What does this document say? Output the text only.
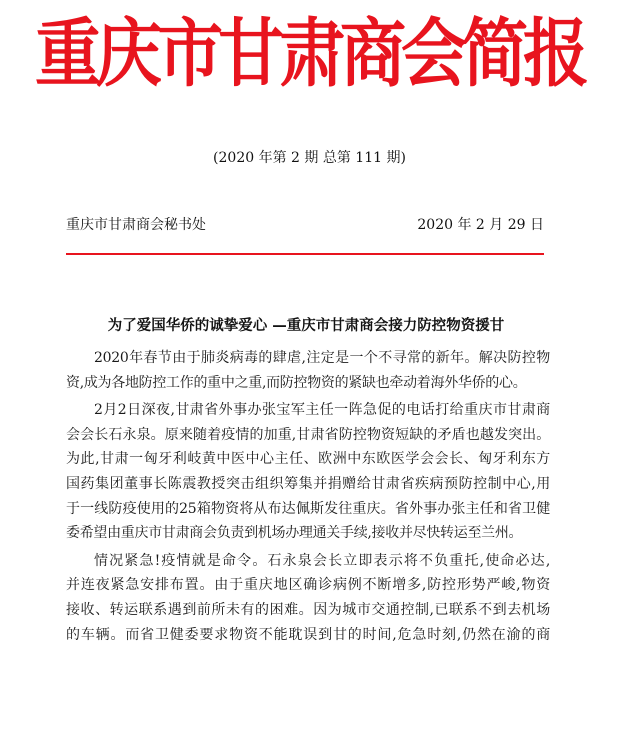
重庆市甘肃商会简报
(2020 年第 2 期 总第 111 期)
重庆市甘肃商会秘书处	2020 年 2 月 29 日
为了爱国华侨的诚挚爱心 —重庆市甘肃商会接力防控物资援甘
2020年春节由于肺炎病毒的肆虐,注定是一个不寻常的新年。解决防控物
资,成为各地防控工作的重中之重,而防控物资的紧缺也牵动着海外华侨的心。
2月2日深夜,甘肃省外事办张宝军主任一阵急促的电话打给重庆市甘肃商
会会长石永泉。原来随着疫情的加重,甘肃省防控物资短缺的矛盾也越发突出。
为此,甘肃一匈牙利岐黄中医中心主任、欧洲中东欧医学会会长、匈牙利东方
国药集团董事长陈震教授突击组织筹集并捐赠给甘肃省疾病预防控制中心,用
于一线防疫使用的25箱物资将从布达佩斯发往重庆。省外事办张主任和省卫健
委希望由重庆市甘肃商会负责到机场办理通关手续,接收并尽快转运至兰州。
情况紧急!疫情就是命令。石永泉会长立即表示将不负重托,使命必达,
并连夜紧急安排布置。由于重庆地区确诊病例不断增多,防控形势严峻,物资
接收、转运联系遇到前所未有的困难。因为城市交通控制,已联系不到去机场
的车辆。而省卫健委要求物资不能耽误到甘的时间,危急时刻,仍然在渝的商
